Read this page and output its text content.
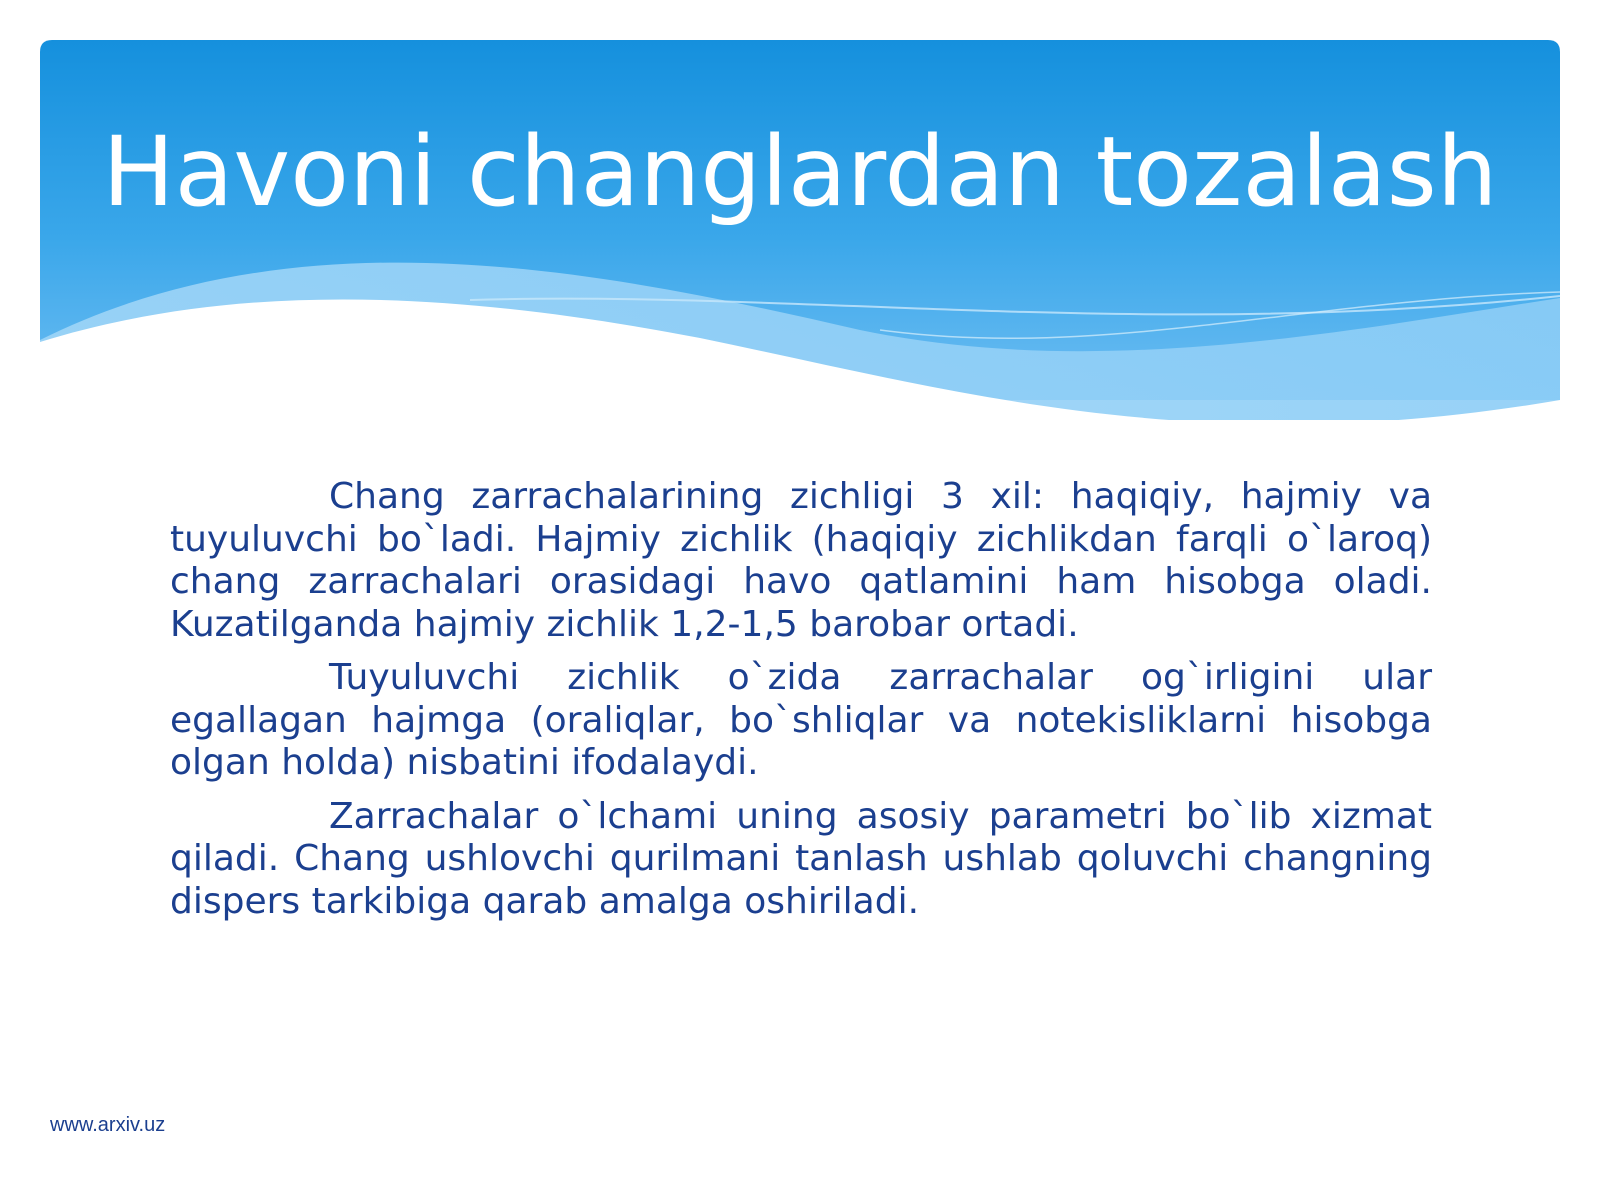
Havoni changlardan tozalash

Chang zarrachalarining zichligi 3 xil: haqiqiy, hajmiy va tuyuluvchi bo`ladi. Hajmiy zichlik (haqiqiy zichlikdan farqli o`laroq) chang zarrachalari orasidagi havo qatlamini ham hisobga oladi. Kuzatilganda hajmiy zichlik 1,2-1,5 barobar ortadi.

Tuyuluvchi zichlik o`zida zarrachalar og`irligini ular egallagan hajmga (oraliqlar, bo`shliqlar va notekisliklarni hisobga olgan holda) nisbatini ifodalaydi.

Zarrachalar o`lchami uning asosiy parametri bo`lib xizmat qiladi. Chang ushlovchi qurilmani tanlash ushlab qoluvchi changning dispers tarkibiga qarab amalga oshiriladi.

www.arxiv.uz
